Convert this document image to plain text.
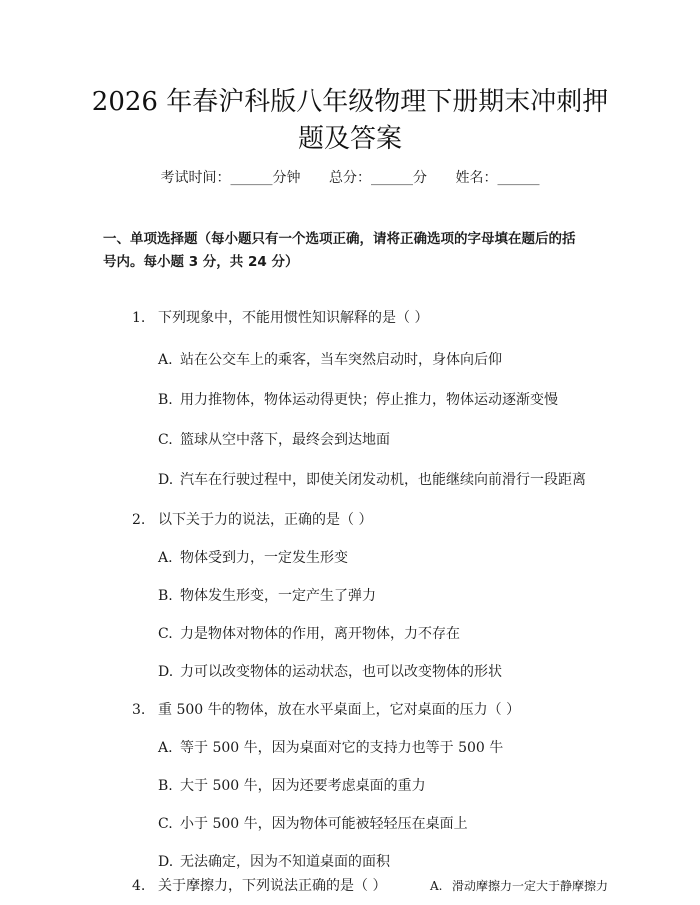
2026 年春沪科版八年级物理下册期末冲刺押
题及答案
考试时间：______分钟 总分：______分 姓名：______
一、单项选择题（每小题只有一个选项正确，请将正确选项的字母填在题后的括
号内。每小题 3 分，共 24 分）
1. 下列现象中，不能用惯性知识解释的是（ ）
A. 站在公交车上的乘客，当车突然启动时，身体向后仰
B. 用力推物体，物体运动得更快；停止推力，物体运动逐渐变慢
C. 篮球从空中落下，最终会到达地面
D. 汽车在行驶过程中，即使关闭发动机，也能继续向前滑行一段距离
2. 以下关于力的说法，正确的是（ ）
A. 物体受到力，一定发生形变
B. 物体发生形变，一定产生了弹力
C. 力是物体对物体的作用，离开物体，力不存在
D. 力可以改变物体的运动状态，也可以改变物体的形状
3. 重 500 牛的物体，放在水平桌面上，它对桌面的压力（ ）
A. 等于 500 牛，因为桌面对它的支持力也等于 500 牛
B. 大于 500 牛，因为还要考虑桌面的重力
C. 小于 500 牛，因为物体可能被轻轻压在桌面上
D. 无法确定，因为不知道桌面的面积
4. 关于摩擦力，下列说法正确的是（ ）	A. 滑动摩擦力一定大于静摩擦力
